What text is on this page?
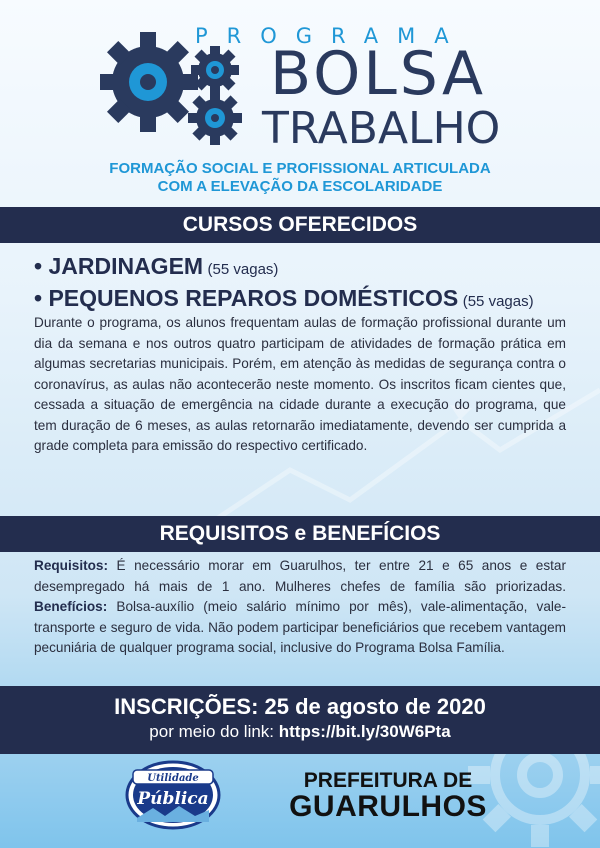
PROGRAMA
BOLSA
TRABALHO
FORMAÇÃO SOCIAL E PROFISSIONAL ARTICULADA
COM A ELEVAÇÃO DA ESCOLARIDADE
CURSOS OFERECIDOS
• JARDINAGEM (55 vagas)
• PEQUENOS REPAROS DOMÉSTICOS (55 vagas)

Durante o programa, os alunos frequentam aulas de formação profissional durante um dia da semana e nos outros quatro participam de atividades de formação prática em algumas secretarias municipais. Porém, em atenção às medidas de segurança contra o coronavírus, as aulas não acontecerão neste momento. Os inscritos ficam cientes que, cessada a situação de emergência na cidade durante a execução do programa, que tem duração de 6 meses, as aulas retornarão imediatamente, devendo ser cumprida a grade completa para emissão do respectivo certificado.

REQUISITOS e BENEFÍCIOS

Requisitos: É necessário morar em Guarulhos, ter entre 21 e 65 anos e estar desempregado há mais de 1 ano. Mulheres chefes de família são priorizadas. Benefícios: Bolsa-auxílio (meio salário mínimo por mês), vale-alimentação, vale-transporte e seguro de vida. Não podem participar beneficiários que recebem vantagem pecuniária de qualquer programa social, inclusive do Programa Bolsa Família.

INSCRIÇÕES: 25 de agosto de 2020
por meio do link: https://bit.ly/30W6Pta
Utilidade
Pública
PREFEITURA DE
GUARULHOS
